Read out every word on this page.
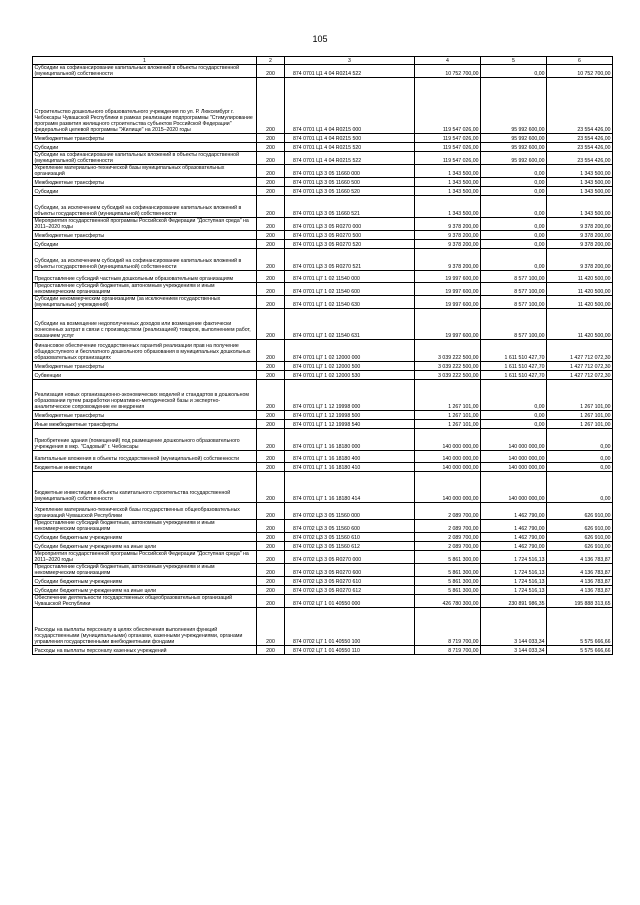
105
1	2	3	4	5	6
Субсидии на софинансирование капитальных вложений в объекты государственной (муниципальной) собственности	200	874 0701 Ц1 4 04 R0214 522	10 752 700,00	0,00	10 752 700,00
Строительство дошкольного образовательного учреждения по ул. Р. Люксембург г. Чебоксары Чувашской Республики в рамках реализации подпрограммы "Стимулирование программ развития жилищного строительства субъектов Российской Федерации" федеральной целевой программы "Жилище" на 2015–2020 годы	200	874 0701 Ц1 4 04 R0215 000	119 547 026,00	95 992 600,00	23 554 426,00
Межбюджетные трансферты	200	874 0701 Ц1 4 04 R0215 500	119 547 026,00	95 992 600,00	23 554 426,00
Субсидии	200	874 0701 Ц1 4 04 R0215 520	119 547 026,00	95 992 600,00	23 554 426,00
Субсидии на софинансирование капитальных вложений в объекты государственной (муниципальной) собственности	200	874 0701 Ц1 4 04 R0215 522	119 547 026,00	95 992 600,00	23 554 426,00
Укрепление материально-технической базы муниципальных образовательных организаций	200	874 0701 Ц3 3 05 11660 000	1 343 500,00	0,00	1 343 500,00
Межбюджетные трансферты	200	874 0701 Ц3 3 05 11660 500	1 343 500,00	0,00	1 343 500,00
Субсидии	200	874 0701 Ц3 3 05 11660 520	1 343 500,00	0,00	1 343 500,00
Субсидии, за исключением субсидий на софинансирование капитальных вложений в объекты государственной (муниципальной) собственности	200	874 0701 Ц3 3 05 11660 521	1 343 500,00	0,00	1 343 500,00
Мероприятия государственной программы Российской Федерации "Доступная среда" на 2011–2020 годы	200	874 0701 Ц3 3 05 R0270 000	9 378 200,00	0,00	9 378 200,00
Межбюджетные трансферты	200	874 0701 Ц3 3 05 R0270 500	9 378 200,00	0,00	9 378 200,00
Субсидии	200	874 0701 Ц3 3 05 R0270 520	9 378 200,00	0,00	9 378 200,00
Субсидии, за исключением субсидий на софинансирование капитальных вложений в объекты государственной (муниципальной) собственности	200	874 0701 Ц3 3 05 R0270 521	9 378 200,00	0,00	9 378 200,00
Предоставление субсидий частным дошкольным образовательным организациям	200	874 0701 Ц7 1 02 11540 000	19 997 600,00	8 577 100,00	11 420 500,00
Предоставление субсидий бюджетным, автономным учреждениям и иным некоммерческим организациям	200	874 0701 Ц7 1 02 11540 600	19 997 600,00	8 577 100,00	11 420 500,00
Субсидии некоммерческим организациям (за исключением государственных (муниципальных) учреждений)	200	874 0701 Ц7 1 02 11540 630	19 997 600,00	8 577 100,00	11 420 500,00
Субсидии на возмещение недополученных доходов или возмещение фактически понесенных затрат в связи с производством (реализацией) товаров, выполнением работ, оказанием услуг	200	874 0701 Ц7 1 02 11540 631	19 997 600,00	8 577 100,00	11 420 500,00
Финансовое обеспечение государственных гарантий реализации прав на получение общедоступного и бесплатного дошкольного образования в муниципальных дошкольных образовательных организациях	200	874 0701 Ц7 1 02 12000 000	3 039 222 500,00	1 611 510 427,70	1 427 712 072,30
Межбюджетные трансферты	200	874 0701 Ц7 1 02 12000 500	3 039 222 500,00	1 611 510 427,70	1 427 712 072,30
Субвенции	200	874 0701 Ц7 1 02 12000 530	3 039 222 500,00	1 611 510 427,70	1 427 712 072,30
Реализация новых организационно-экономических моделей и стандартов в дошкольном образовании путем разработки нормативно-методической базы и экспертно-аналитическое сопровождение ее внедрения	200	874 0701 Ц7 1 12 19998 000	1 267 101,00	0,00	1 267 101,00
Межбюджетные трансферты	200	874 0701 Ц7 1 12 19998 500	1 267 101,00	0,00	1 267 101,00
Иные межбюджетные трансферты	200	874 0701 Ц7 1 12 19998 540	1 267 101,00	0,00	1 267 101,00
Приобретение здания (помещений) под размещение дошкольного образовательного учреждения в мкр. "Садовый" г. Чебоксары	200	874 0701 Ц7 1 16 18180 000	140 000 000,00	140 000 000,00	0,00
Капитальные вложения в объекты государственной (муниципальной) собственности	200	874 0701 Ц7 1 16 18180 400	140 000 000,00	140 000 000,00	0,00
Бюджетные инвестиции	200	874 0701 Ц7 1 16 18180 410	140 000 000,00	140 000 000,00	0,00
Бюджетные инвестиции в объекты капитального строительства государственной (муниципальной) собственности	200	874 0701 Ц7 1 16 18180 414	140 000 000,00	140 000 000,00	0,00
Укрепление материально-технической базы государственных общеобразовательных организаций Чувашской Республики	200	874 0702 Ц3 3 05 11560 000	2 089 700,00	1 462 790,00	626 910,00
Предоставление субсидий бюджетным, автономным учреждениям и иным некоммерческим организациям	200	874 0702 Ц3 3 05 11560 600	2 089 700,00	1 462 790,00	626 910,00
Субсидии бюджетным учреждениям	200	874 0702 Ц3 3 05 11560 610	2 089 700,00	1 462 790,00	626 910,00
Субсидии бюджетным учреждениям на иные цели	200	874 0702 Ц3 3 05 11560 612	2 089 700,00	1 462 790,00	626 910,00
Мероприятия государственной программы Российской Федерации "Доступная среда" на 2011–2020 годы	200	874 0702 Ц3 3 05 R0270 000	5 861 300,00	1 724 516,13	4 136 783,87
Предоставление субсидий бюджетным, автономным учреждениям и иным некоммерческим организациям	200	874 0702 Ц3 3 05 R0270 600	5 861 300,00	1 724 516,13	4 136 783,87
Субсидии бюджетным учреждениям	200	874 0702 Ц3 3 05 R0270 610	5 861 300,00	1 724 516,13	4 136 783,87
Субсидии бюджетным учреждениям на иные цели	200	874 0702 Ц3 3 05 R0270 612	5 861 300,00	1 724 516,13	4 136 783,87
Обеспечение деятельности государственных общеобразовательных организаций Чувашской Республики	200	874 0702 Ц7 1 01 40550 000	426 780 300,00	230 891 986,35	195 888 313,65
Расходы на выплаты персоналу в целях обеспечения выполнения функций государственными (муниципальными) органами, казенными учреждениями, органами управления государственными внебюджетными фондами	200	874 0702 Ц7 1 01 40550 100	8 719 700,00	3 144 033,34	5 575 666,66
Расходы на выплаты персоналу казенных учреждений	200	874 0702 Ц7 1 01 40550 110	8 719 700,00	3 144 033,34	5 575 666,66
